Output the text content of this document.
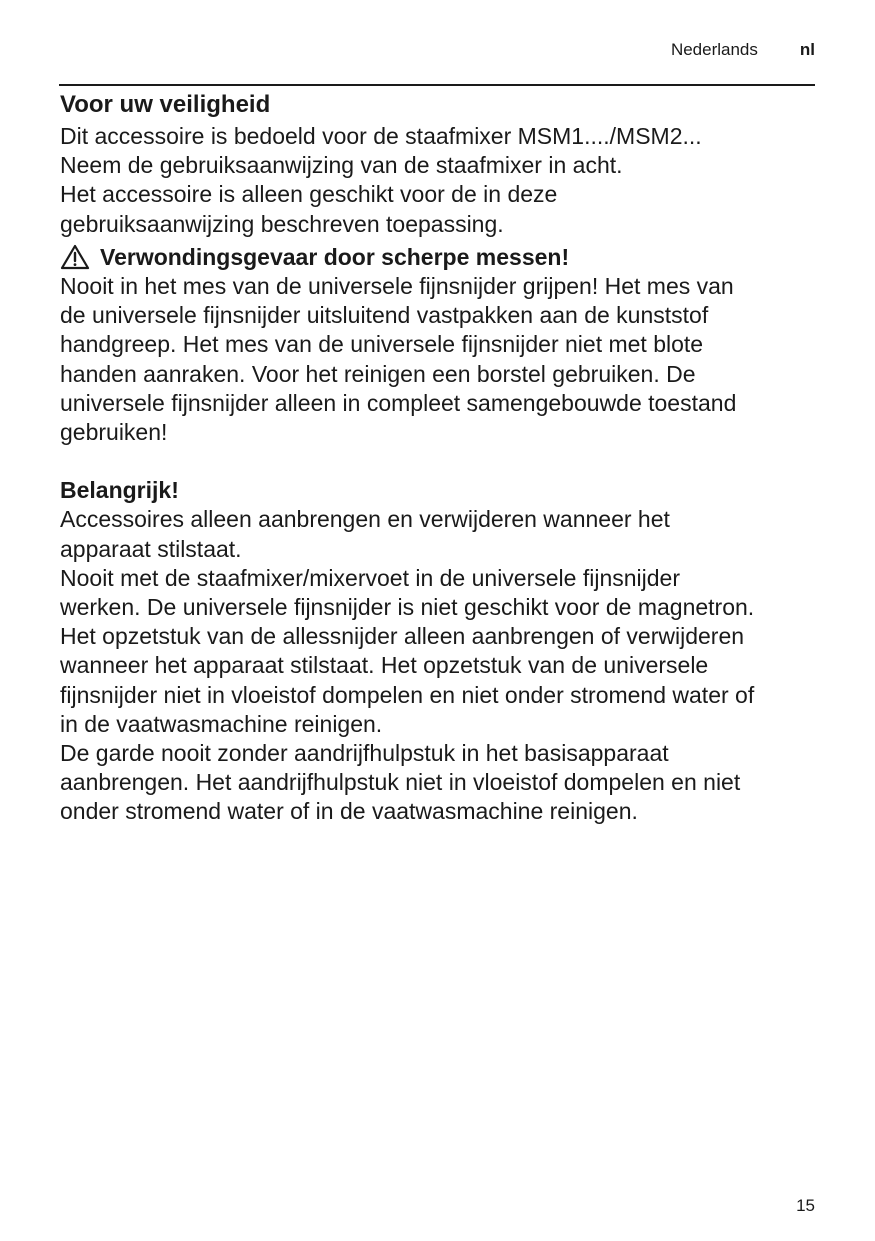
Nederlands nl
Voor uw veiligheid

Dit accessoire is bedoeld voor de staafmixer MSM1..../MSM2...
Neem de gebruiksaanwijzing van de staafmixer in acht.
Het accessoire is alleen geschikt voor de in deze
gebruiksaanwijzing beschreven toepassing.

Verwondingsgevaar door scherpe messen!

Nooit in het mes van de universele fijnsnijder grijpen! Het mes van
de universele fijnsnijder uitsluitend vastpakken aan de kunststof
handgreep. Het mes van de universele fijnsnijder niet met blote
handen aanraken. Voor het reinigen een borstel gebruiken. De
universele fijnsnijder alleen in compleet samengebouwde toestand
gebruiken!

Belangrijk!

Accessoires alleen aanbrengen en verwijderen wanneer het
apparaat stilstaat.
Nooit met de staafmixer/mixervoet in de universele fijnsnijder
werken. De universele fijnsnijder is niet geschikt voor de magnetron.
Het opzetstuk van de allessnijder alleen aanbrengen of verwijderen
wanneer het apparaat stilstaat. Het opzetstuk van de universele
fijnsnijder niet in vloeistof dompelen en niet onder stromend water of
in de vaatwasmachine reinigen.
De garde nooit zonder aandrijfhulpstuk in het basisapparaat
aanbrengen. Het aandrijfhulpstuk niet in vloeistof dompelen en niet
onder stromend water of in de vaatwasmachine reinigen.

15
